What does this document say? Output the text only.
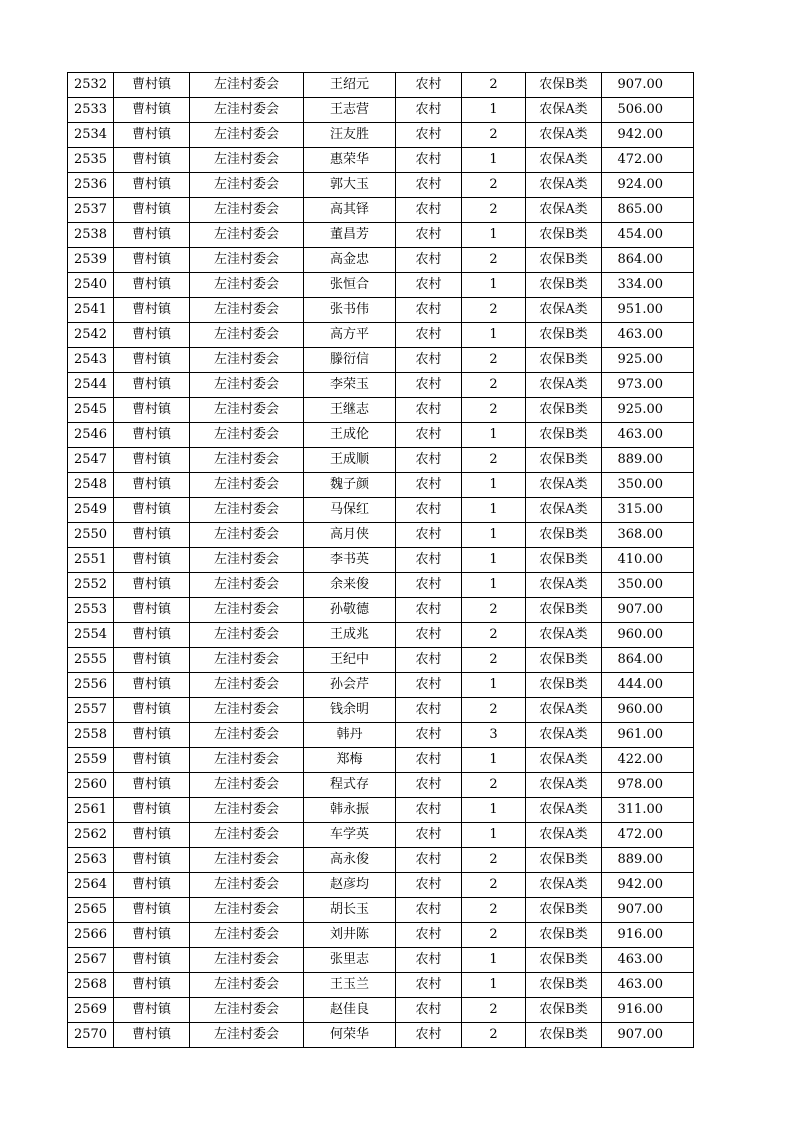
2532	曹村镇	左洼村委会	王绍元	农村	2	农保B类	907.00
2533	曹村镇	左洼村委会	王志营	农村	1	农保A类	506.00
2534	曹村镇	左洼村委会	汪友胜	农村	2	农保A类	942.00
2535	曹村镇	左洼村委会	惠荣华	农村	1	农保A类	472.00
2536	曹村镇	左洼村委会	郭大玉	农村	2	农保A类	924.00
2537	曹村镇	左洼村委会	高其铎	农村	2	农保A类	865.00
2538	曹村镇	左洼村委会	董昌芳	农村	1	农保B类	454.00
2539	曹村镇	左洼村委会	高金忠	农村	2	农保B类	864.00
2540	曹村镇	左洼村委会	张恒合	农村	1	农保B类	334.00
2541	曹村镇	左洼村委会	张书伟	农村	2	农保A类	951.00
2542	曹村镇	左洼村委会	高方平	农村	1	农保B类	463.00
2543	曹村镇	左洼村委会	滕衍信	农村	2	农保B类	925.00
2544	曹村镇	左洼村委会	李荣玉	农村	2	农保A类	973.00
2545	曹村镇	左洼村委会	王继志	农村	2	农保B类	925.00
2546	曹村镇	左洼村委会	王成伦	农村	1	农保B类	463.00
2547	曹村镇	左洼村委会	王成顺	农村	2	农保B类	889.00
2548	曹村镇	左洼村委会	魏子颜	农村	1	农保A类	350.00
2549	曹村镇	左洼村委会	马保红	农村	1	农保A类	315.00
2550	曹村镇	左洼村委会	高月侠	农村	1	农保B类	368.00
2551	曹村镇	左洼村委会	李书英	农村	1	农保B类	410.00
2552	曹村镇	左洼村委会	余来俊	农村	1	农保A类	350.00
2553	曹村镇	左洼村委会	孙敬德	农村	2	农保B类	907.00
2554	曹村镇	左洼村委会	王成兆	农村	2	农保A类	960.00
2555	曹村镇	左洼村委会	王纪中	农村	2	农保B类	864.00
2556	曹村镇	左洼村委会	孙会芹	农村	1	农保B类	444.00
2557	曹村镇	左洼村委会	钱余明	农村	2	农保A类	960.00
2558	曹村镇	左洼村委会	韩丹	农村	3	农保A类	961.00
2559	曹村镇	左洼村委会	郑梅	农村	1	农保A类	422.00
2560	曹村镇	左洼村委会	程式存	农村	2	农保A类	978.00
2561	曹村镇	左洼村委会	韩永振	农村	1	农保A类	311.00
2562	曹村镇	左洼村委会	车学英	农村	1	农保A类	472.00
2563	曹村镇	左洼村委会	高永俊	农村	2	农保B类	889.00
2564	曹村镇	左洼村委会	赵彦均	农村	2	农保A类	942.00
2565	曹村镇	左洼村委会	胡长玉	农村	2	农保B类	907.00
2566	曹村镇	左洼村委会	刘井陈	农村	2	农保B类	916.00
2567	曹村镇	左洼村委会	张里志	农村	1	农保B类	463.00
2568	曹村镇	左洼村委会	王玉兰	农村	1	农保B类	463.00
2569	曹村镇	左洼村委会	赵佳良	农村	2	农保B类	916.00
2570	曹村镇	左洼村委会	何荣华	农村	2	农保B类	907.00
